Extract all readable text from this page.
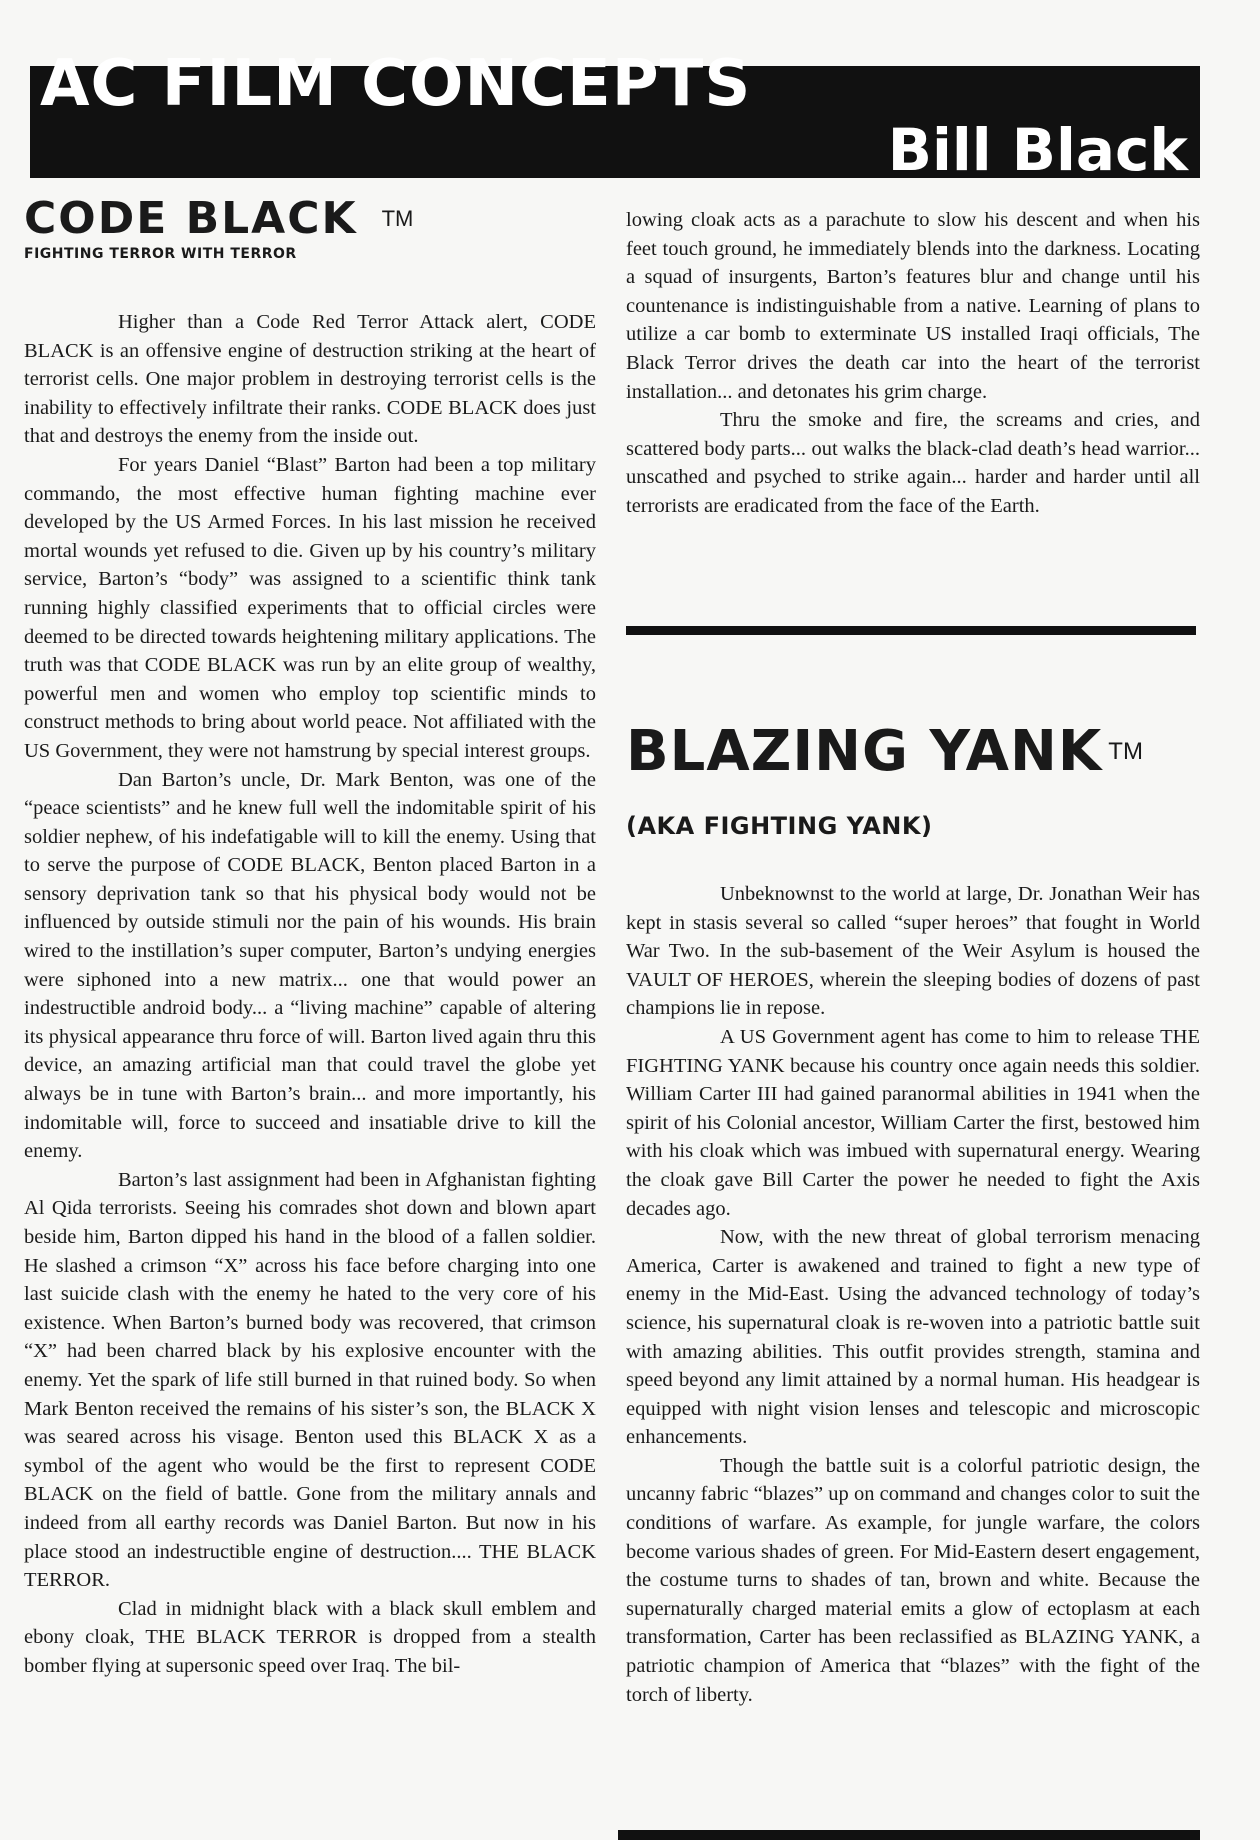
AC FILM CONCEPTS
Bill Black
CODE BLACK ™
FIGHTING TERROR WITH TERROR

Higher than a Code Red Terror Attack alert, CODE BLACK is an offensive engine of destruction striking at the heart of terrorist cells. One major problem in destroying terrorist cells is the inability to effectively infiltrate their ranks. CODE BLACK does just that and destroys the enemy from the inside out.

For years Daniel “Blast” Barton had been a top military commando, the most effective human fighting machine ever developed by the US Armed Forces. In his last mission he received mortal wounds yet refused to die. Given up by his country’s military service, Barton’s “body” was assigned to a scientific think tank running highly classified experiments that to official circles were deemed to be directed towards heightening military applications. The truth was that CODE BLACK was run by an elite group of wealthy, powerful men and women who employ top scientific minds to construct methods to bring about world peace. Not affiliated with the US Government, they were not hamstrung by special interest groups.

Dan Barton’s uncle, Dr. Mark Benton, was one of the “peace scientists” and he knew full well the indomitable spirit of his soldier nephew, of his indefatigable will to kill the enemy. Using that to serve the purpose of CODE BLACK, Benton placed Barton in a sensory deprivation tank so that his physical body would not be influenced by outside stimuli nor the pain of his wounds. His brain wired to the instillation’s super computer, Barton’s undying energies were siphoned into a new matrix... one that would power an indestructible android body... a “living machine” capable of altering its physical appearance thru force of will. Barton lived again thru this device, an amazing artificial man that could travel the globe yet always be in tune with Barton’s brain... and more importantly, his indomitable will, force to succeed and insatiable drive to kill the enemy.

Barton’s last assignment had been in Afghanistan fighting Al Qida terrorists. Seeing his comrades shot down and blown apart beside him, Barton dipped his hand in the blood of a fallen soldier. He slashed a crimson “X” across his face before charging into one last suicide clash with the enemy he hated to the very core of his existence. When Barton’s burned body was recovered, that crimson “X” had been charred black by his explosive encounter with the enemy. Yet the spark of life still burned in that ruined body. So when Mark Benton received the remains of his sister’s son, the BLACK X was seared across his visage. Benton used this BLACK X as a symbol of the agent who would be the first to represent CODE BLACK on the field of battle. Gone from the military annals and indeed from all earthy records was Daniel Barton. But now in his place stood an indestructible engine of destruction.... THE BLACK TERROR.

Clad in midnight black with a black skull emblem and ebony cloak, THE BLACK TERROR is dropped from a stealth bomber flying at supersonic speed over Iraq. The bil-

lowing cloak acts as a parachute to slow his descent and when his feet touch ground, he immediately blends into the darkness. Locating a squad of insurgents, Barton’s features blur and change until his countenance is indistinguishable from a native. Learning of plans to utilize a car bomb to exterminate US installed Iraqi officials, The Black Terror drives the death car into the heart of the terrorist installation... and detonates his grim charge.

Thru the smoke and fire, the screams and cries, and scattered body parts... out walks the black-clad death’s head warrior... unscathed and psyched to strike again... harder and harder until all terrorists are eradicated from the face of the Earth.

BLAZING YANK ™
(AKA FIGHTING YANK)

Unbeknownst to the world at large, Dr. Jonathan Weir has kept in stasis several so called “super heroes” that fought in World War Two. In the sub-basement of the Weir Asylum is housed the VAULT OF HEROES, wherein the sleeping bodies of dozens of past champions lie in repose.

A US Government agent has come to him to release THE FIGHTING YANK because his country once again needs this soldier. William Carter III had gained paranormal abilities in 1941 when the spirit of his Colonial ancestor, William Carter the first, bestowed him with his cloak which was imbued with supernatural energy. Wearing the cloak gave Bill Carter the power he needed to fight the Axis decades ago.

Now, with the new threat of global terrorism menacing America, Carter is awakened and trained to fight a new type of enemy in the Mid-East. Using the advanced technology of today’s science, his supernatural cloak is re-woven into a patriotic battle suit with amazing abilities. This outfit provides strength, stamina and speed beyond any limit attained by a normal human. His headgear is equipped with night vision lenses and telescopic and microscopic enhancements.

Though the battle suit is a colorful patriotic design, the uncanny fabric “blazes” up on command and changes color to suit the conditions of warfare. As example, for jungle warfare, the colors become various shades of green. For Mid-Eastern desert engagement, the costume turns to shades of tan, brown and white. Because the supernaturally charged material emits a glow of ectoplasm at each transformation, Carter has been reclassified as BLAZING YANK, a patriotic champion of America that “blazes” with the fight of the torch of liberty.
